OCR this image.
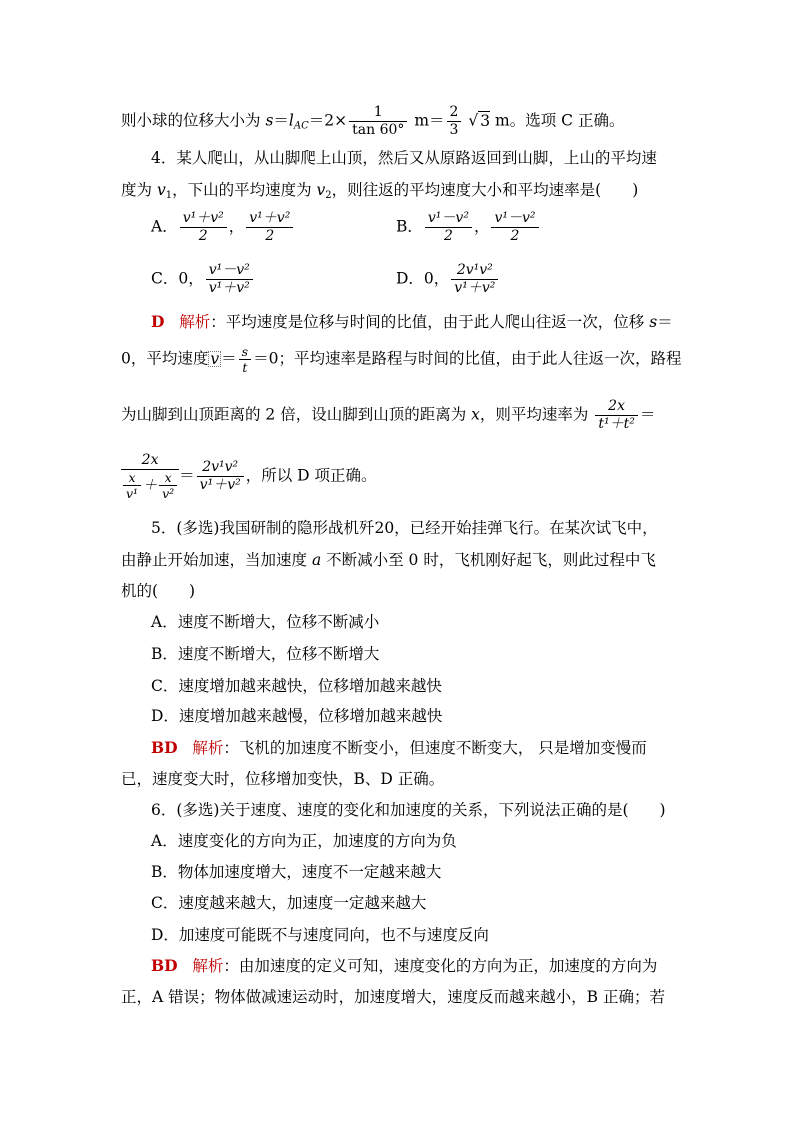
则小球的位移大小为 $s=l_{AC}=2\times \frac{1}{\tan 60^\circ} m= \frac{2}{3}$ √ 3 m。选项 C 正确。
4．某人爬山，从山脚爬上山顶，然后又从原路返回到山脚，上山的平均速
度为 $v_1$，下山的平均速度为 $v_2$，则往返的平均速度大小和平均速率是(　　)
A． $\frac{\text{v¹＋v²}}{2}$ ， $\frac{\text{v¹＋v²}}{2}$	B． $\frac{\text{v¹－v²}}{2}$ ， $\frac{\text{v¹－v²}}{2}$
C．0， $\frac{\text{v¹－v²}}{\text{v¹＋v²}}$	D．0， $\frac{\text{2v¹v²}}{\text{v¹＋v²}}$
D 解析：平均速度是位移与时间的比值，由于此人爬山往返一次，位移 s＝
0，平均速度 $v = \frac{s}{t} =0$；平均速率是路程与时间的比值，由于此人往返一次，路程
为山脚到山顶距离的 2 倍，设山脚到山顶的距离为 x，则平均速率为 $\frac{2x}{\text{t¹＋t²}}$ ＝
$\frac{2x}{\frac{x}{\text{v¹}} + \frac{x}{\text{v²}}} = \frac{\text{2v¹v²}}{\text{v¹＋v²}}$ ，所以 D 项正确。
5．(多选)我国研制的隐形战机歼20，已经开始挂弹飞行。在某次试飞中，
由静止开始加速，当加速度 a 不断减小至 0 时，飞机刚好起飞，则此过程中飞
机的(　　)
A．速度不断增大，位移不断减小
B．速度不断增大，位移不断增大
C．速度增加越来越快，位移增加越来越快
D．速度增加越来越慢，位移增加越来越快
BD 解析：飞机的加速度不断变小，但速度不断变大， 只是增加变慢而
已，速度变大时，位移增加变快，B、D 正确。
6．(多选)关于速度、速度的变化和加速度的关系，下列说法正确的是(　　)
A．速度变化的方向为正，加速度的方向为负
B．物体加速度增大，速度不一定越来越大
C．速度越来越大，加速度一定越来越大
D．加速度可能既不与速度同向，也不与速度反向
BD 解析：由加速度的定义可知，速度变化的方向为正，加速度的方向为
正，A 错误；物体做减速运动时，加速度增大，速度反而越来越小，B 正确；若
